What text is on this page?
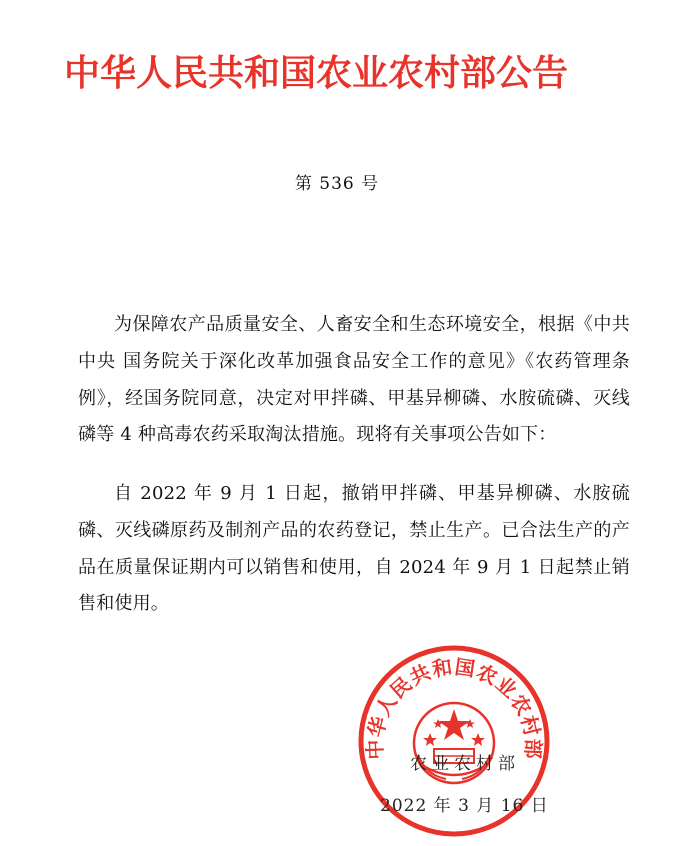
中华人民共和国农业农村部公告
第 536 号

为保障农产品质量安全、人畜安全和生态环境安全，根据《中共中央 国务院关于深化改革加强食品安全工作的意见》《农药管理条例》，经国务院同意，决定对甲拌磷、甲基异柳磷、水胺硫磷、灭线磷等 4 种高毒农药采取淘汰措施。现将有关事项公告如下：

自 2022 年 9 月 1 日起，撤销甲拌磷、甲基异柳磷、水胺硫磷、灭线磷原药及制剂产品的农药登记，禁止生产。已合法生产的产品在质量保证期内可以销售和使用，自 2024 年 9 月 1 日起禁止销售和使用。

中华人民共和国农业农村部
农业农村部
2022 年 3 月 16 日
